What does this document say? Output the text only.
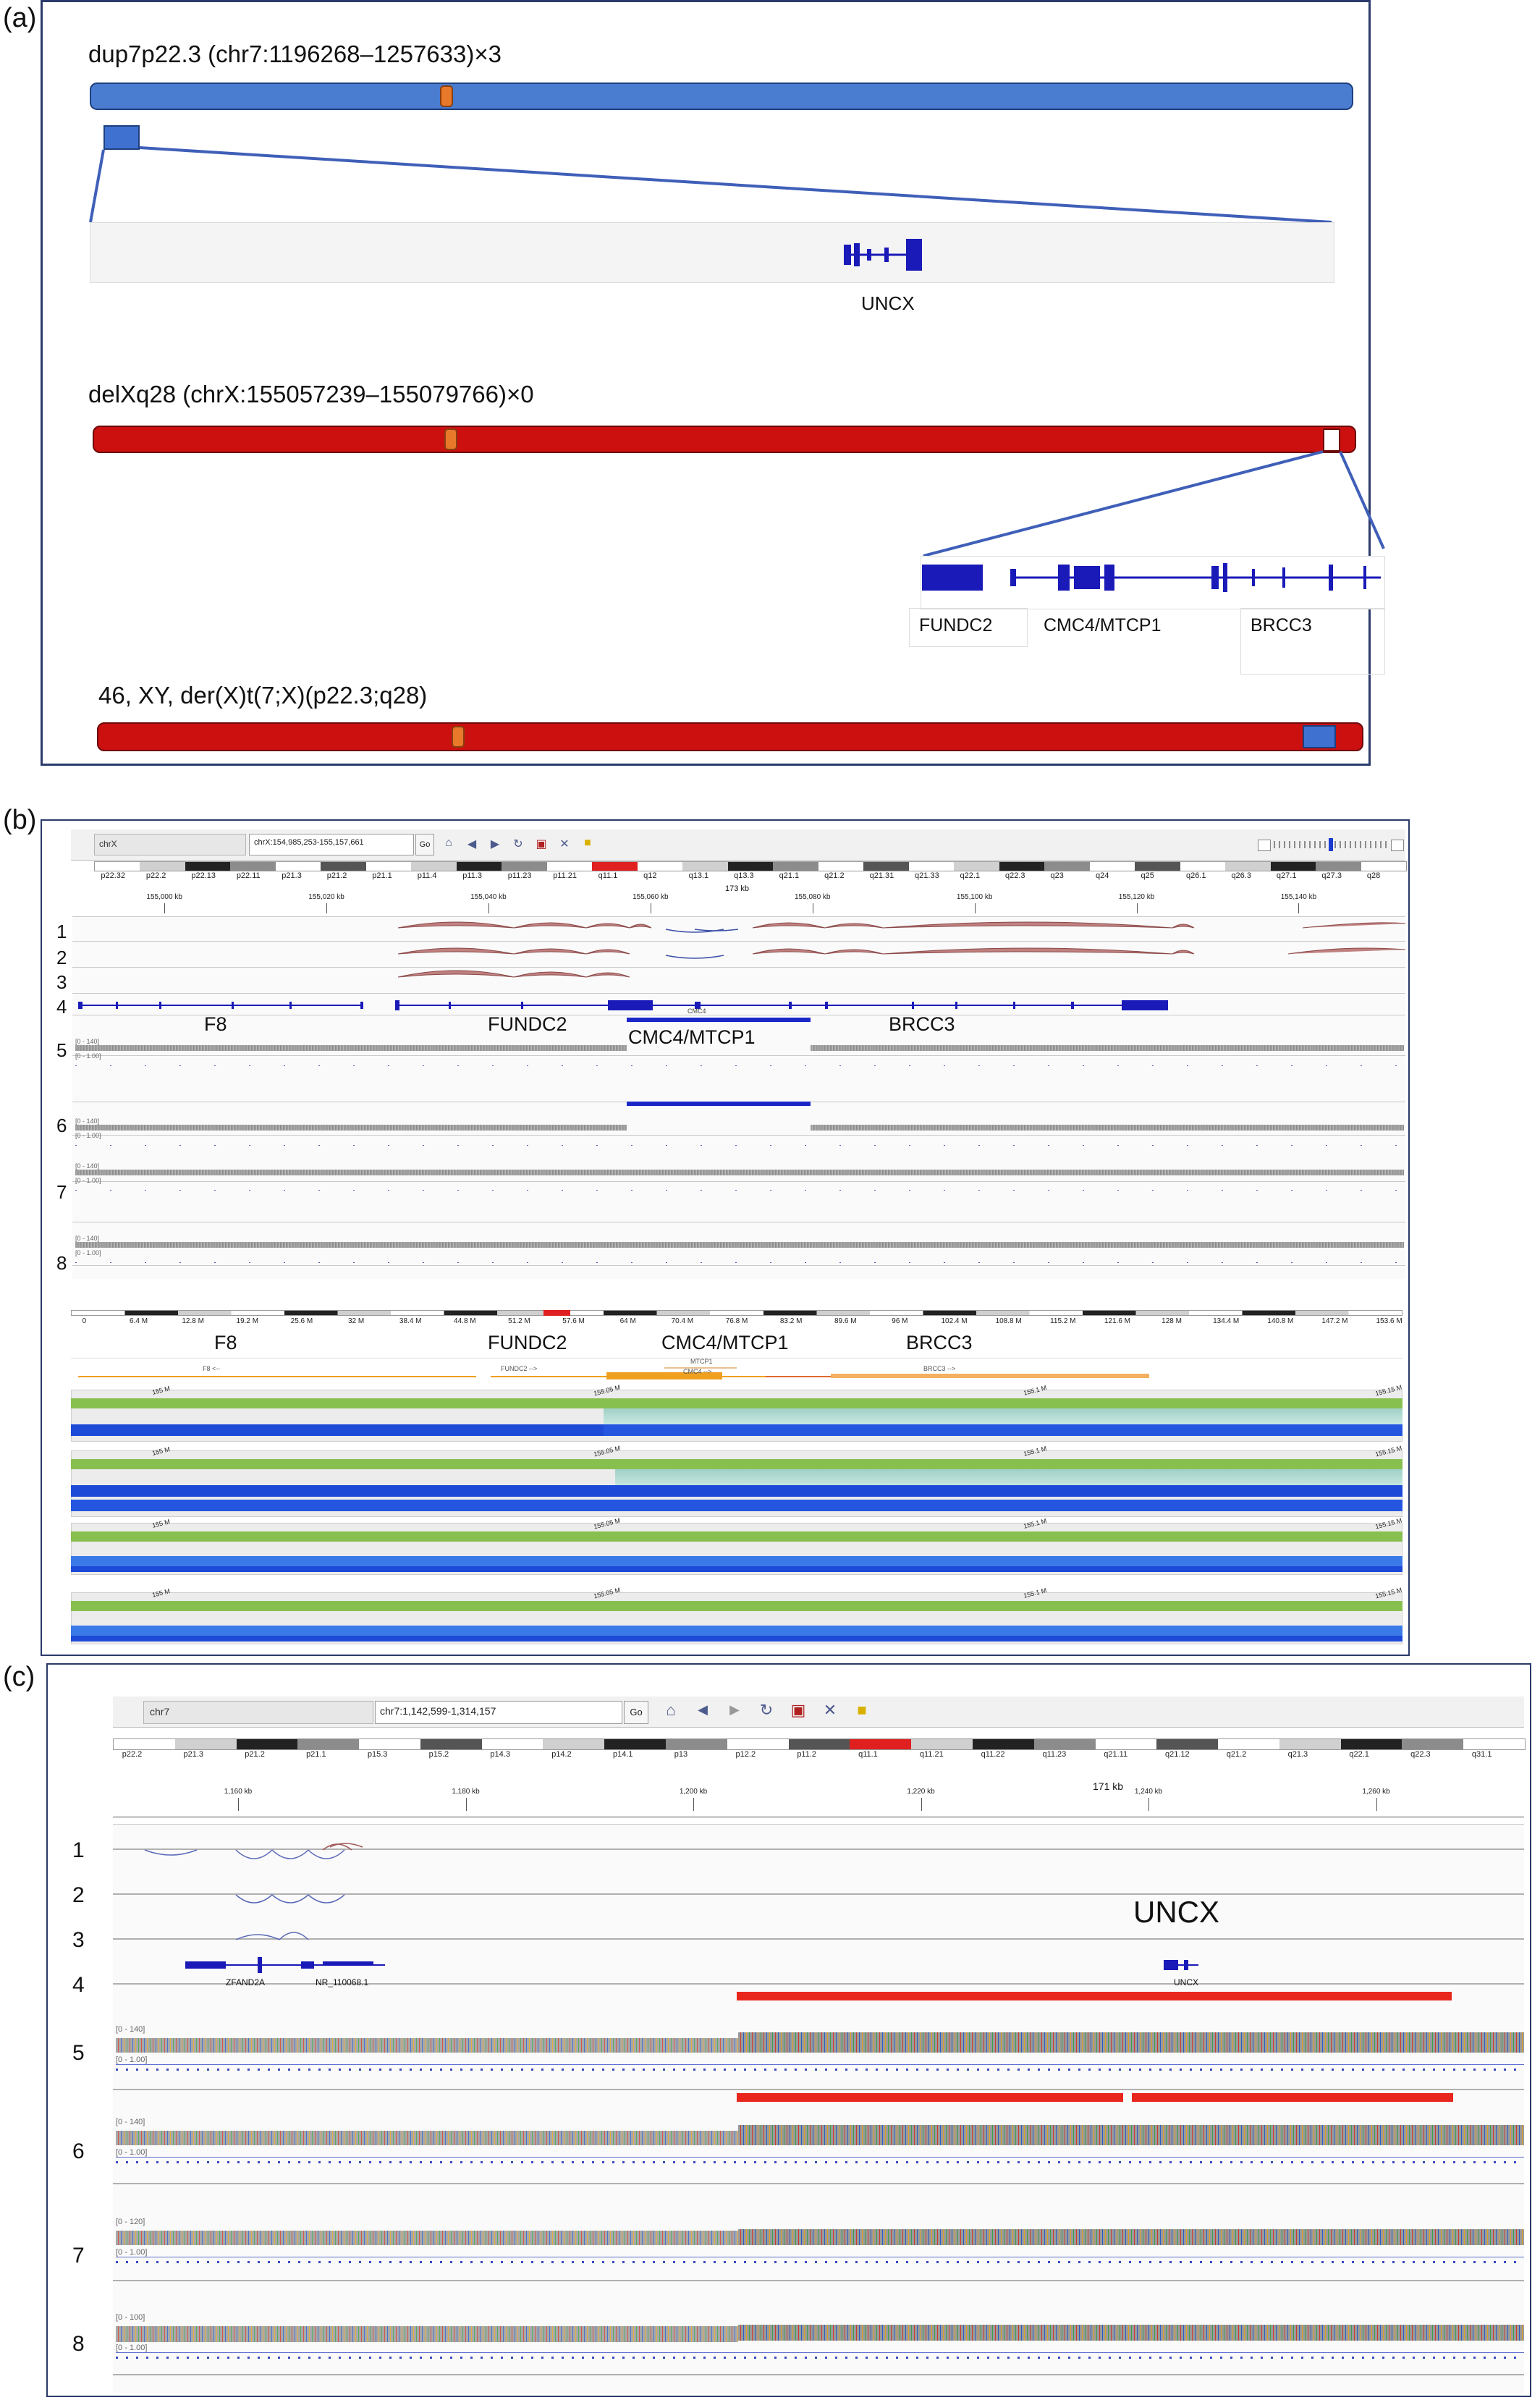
(a)
dup7p22.3 (chr7:1196268–1257633)×3
UNCX
delXq28 (chrX:155057239–155079766)×0
FUNDC2	CMC4/MTCP1	BRCC3
46, XY, der(X)t(7;X)(p22.3;q28)
(b)
chrX	chrX:154,985,253-155,157,661	Go	⌂	◀	▶	↻	▣	✕	■
p22.32	p22.2	p22.13	p22.11	p21.3	p21.2	p21.1	p11.4	p11.3	p11.23	p11.21	q11.1	q12	q13.1	q13.3	q21.1	q21.2	q21.31	q21.33	q22.1	q22.3	q23	q24	q25	q26.1	q26.3	q27.1	q27.3	q28
155,000 kb	155,020 kb	155,040 kb	155,060 kb	155,080 kb	155,100 kb	155,120 kb	155,140 kb
173 kb
1
2
3
4
5
6
7
8
CMC4
F8	FUNDC2
CMC4/MTCP1
BRCC3
[0 - 140]
[0 - 1.00]
[0 - 140]
[0 - 1.00]
[0 - 140]
[0 - 1.00]
[0 - 140]
[0 - 1.00]
0	6.4 M	12.8 M	19.2 M	25.6 M	32 M	38.4 M	44.8 M	51.2 M	57.6 M	64 M	70.4 M	76.8 M	83.2 M	89.6 M	96 M	102.4 M	108.8 M	115.2 M	121.6 M	128 M	134.4 M	140.8 M	147.2 M	153.6 M
F8	FUNDC2	CMC4/MTCP1	BRCC3
F8 <--	FUNDC2 -->
MTCP1
CMC4 -->	BRCC3 -->
155 M	155.05 M	155.1 M	155.15 M
155 M	155.05 M	155.1 M	155.15 M
155 M	155.05 M	155.1 M	155.15 M
155 M	155.05 M	155.1 M	155.15 M
(c)
chr7	chr7:1,142,599-1,314,157	Go	⌂	◀	▶	↻ ▣ ✕	■
p22.2	p21.3	p21.2	p21.1	p15.3	p15.2	p14.3	p14.2	p14.1	p13	p12.2	p11.2	q11.1	q11.21	q11.22	q11.23	q21.11	q21.12	q21.2	q21.3	q22.1	q22.3	q31.1
1,160 kb	1,180 kb	1,200 kb	1,220 kb	1,240 kb	1,260 kb
171 kb
1
2
3
4
5
6
7
8
UNCX
ZFAND2A	NR_110068.1	UNCX
[0 - 140]
[0 - 1.00]
[0 - 140]
[0 - 1.00]
[0 - 120]
[0 - 1.00]
[0 - 100]
[0 - 1.00]
